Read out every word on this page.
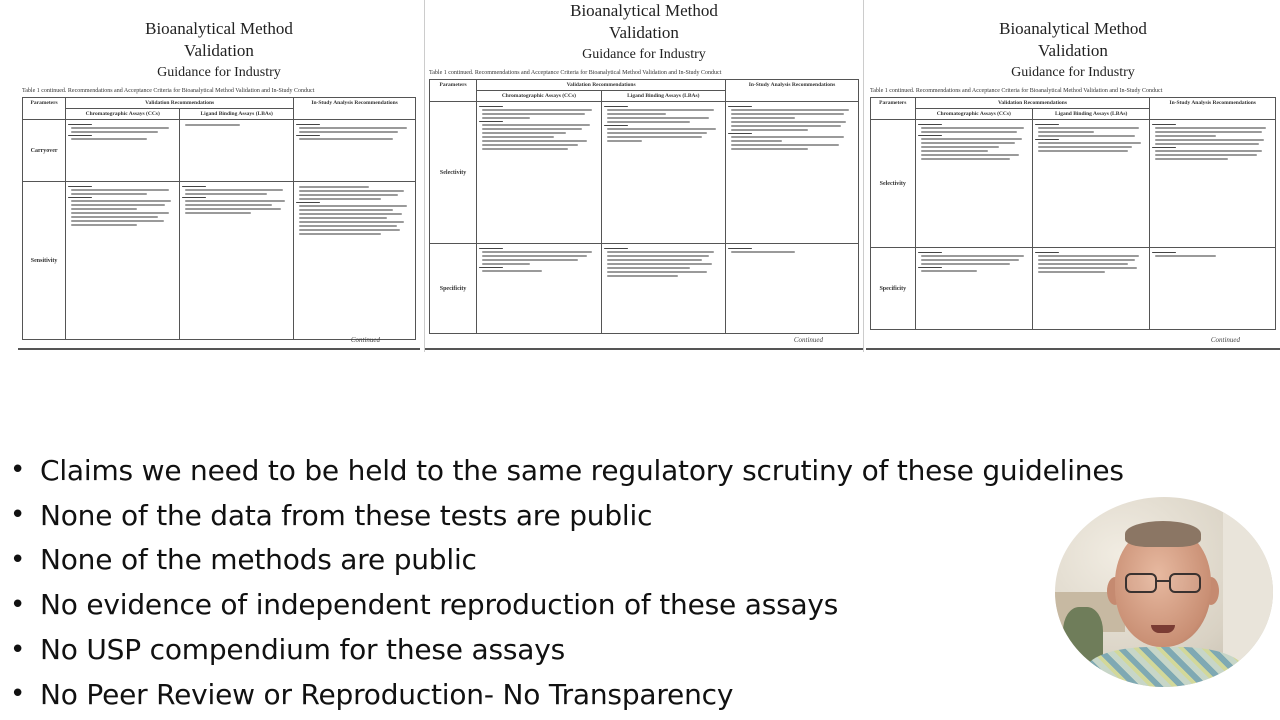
Bioanalytical Method
Validation
Guidance for Industry
Table 1 continued. Recommendations and Acceptance Criteria for Bioanalytical Method Validation and In-Study Conduct
Parameters	Validation Recommendations		In-Study Analysis Recommendations
	Chromatographic Assays (CCs)	Ligand Binding Assays (LBAs)	
Carryover	

Sensitivity	

Continued
Bioanalytical Method
Validation
Guidance for Industry
Table 1 continued. Recommendations and Acceptance Criteria for Bioanalytical Method Validation and In-Study Conduct
Parameters	Validation Recommendations		In-Study Analysis Recommendations
	Chromatographic Assays (CCs)	Ligand Binding Assays (LBAs)	
Selectivity	

Specificity	

Continued
Bioanalytical Method
Validation
Guidance for Industry
Table 1 continued. Recommendations and Acceptance Criteria for Bioanalytical Method Validation and In-Study Conduct
Parameters	Validation Recommendations		In-Study Analysis Recommendations
	Chromatographic Assays (CCs)	Ligand Binding Assays (LBAs)	
Selectivity	

Specificity	

Continued
• Claims we need to be held to the same regulatory scrutiny of these guidelines
• None of the data from these tests are public
• None of the methods are public
• No evidence of independent reproduction of these assays
• No USP compendium for these assays
• No Peer Review or Reproduction- No Transparency
